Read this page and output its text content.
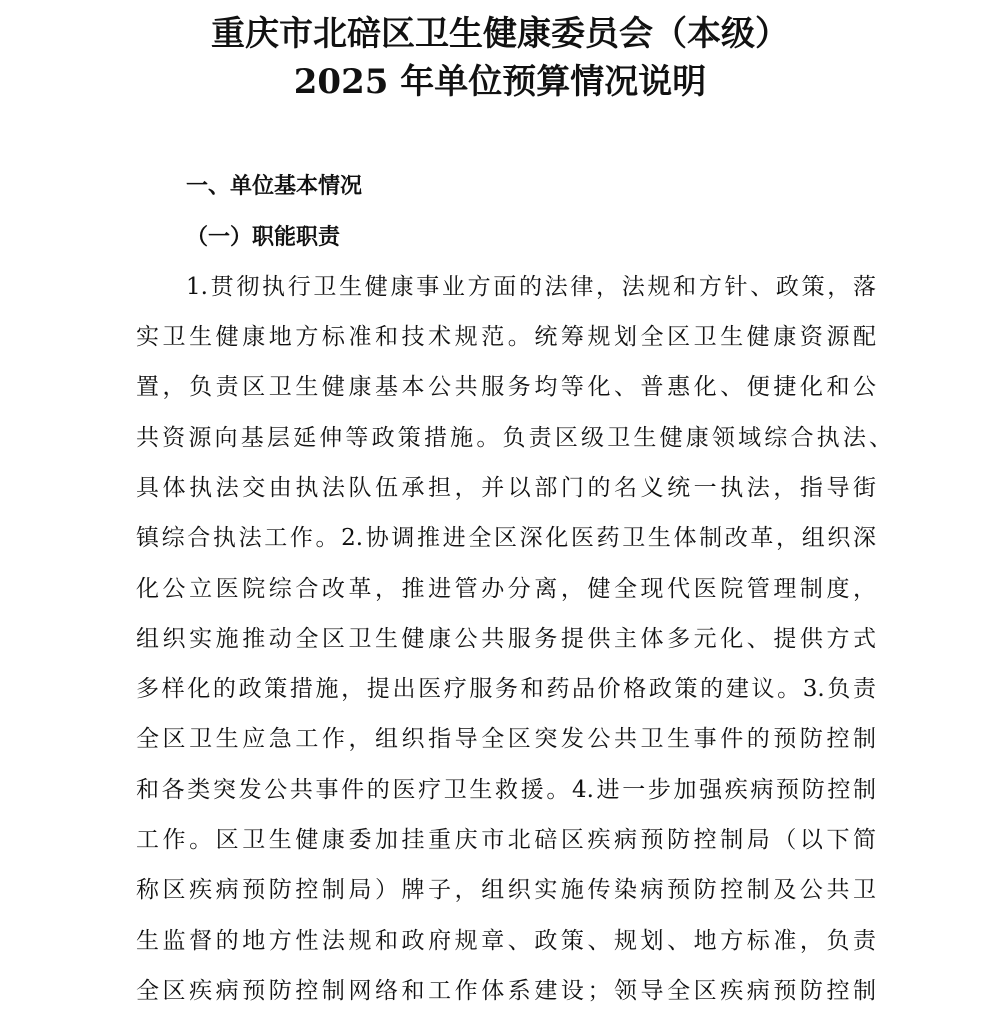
重庆市北碚区卫生健康委员会（本级）
2025 年单位预算情况说明
一、单位基本情况
（一）职能职责

1.贯彻执行卫生健康事业方面的法律，法规和方针、政策，落

实卫生健康地方标准和技术规范。统筹规划全区卫生健康资源配

置，负责区卫生健康基本公共服务均等化、普惠化、便捷化和公

共资源向基层延伸等政策措施。负责区级卫生健康领域综合执法、

具体执法交由执法队伍承担，并以部门的名义统一执法，指导街

镇综合执法工作。2.协调推进全区深化医药卫生体制改革，组织深

化公立医院综合改革，推进管办分离，健全现代医院管理制度，

组织实施推动全区卫生健康公共服务提供主体多元化、提供方式

多样化的政策措施，提出医疗服务和药品价格政策的建议。3.负责

全区卫生应急工作，组织指导全区突发公共卫生事件的预防控制

和各类突发公共事件的医疗卫生救援。4.进一步加强疾病预防控制

工作。区卫生健康委加挂重庆市北碚区疾病预防控制局（以下简

称区疾病预防控制局）牌子，组织实施传染病预防控制及公共卫

生监督的地方性法规和政府规章、政策、规划、地方标准，负责

全区疾病预防控制网络和工作体系建设；领导全区疾病预防控制
